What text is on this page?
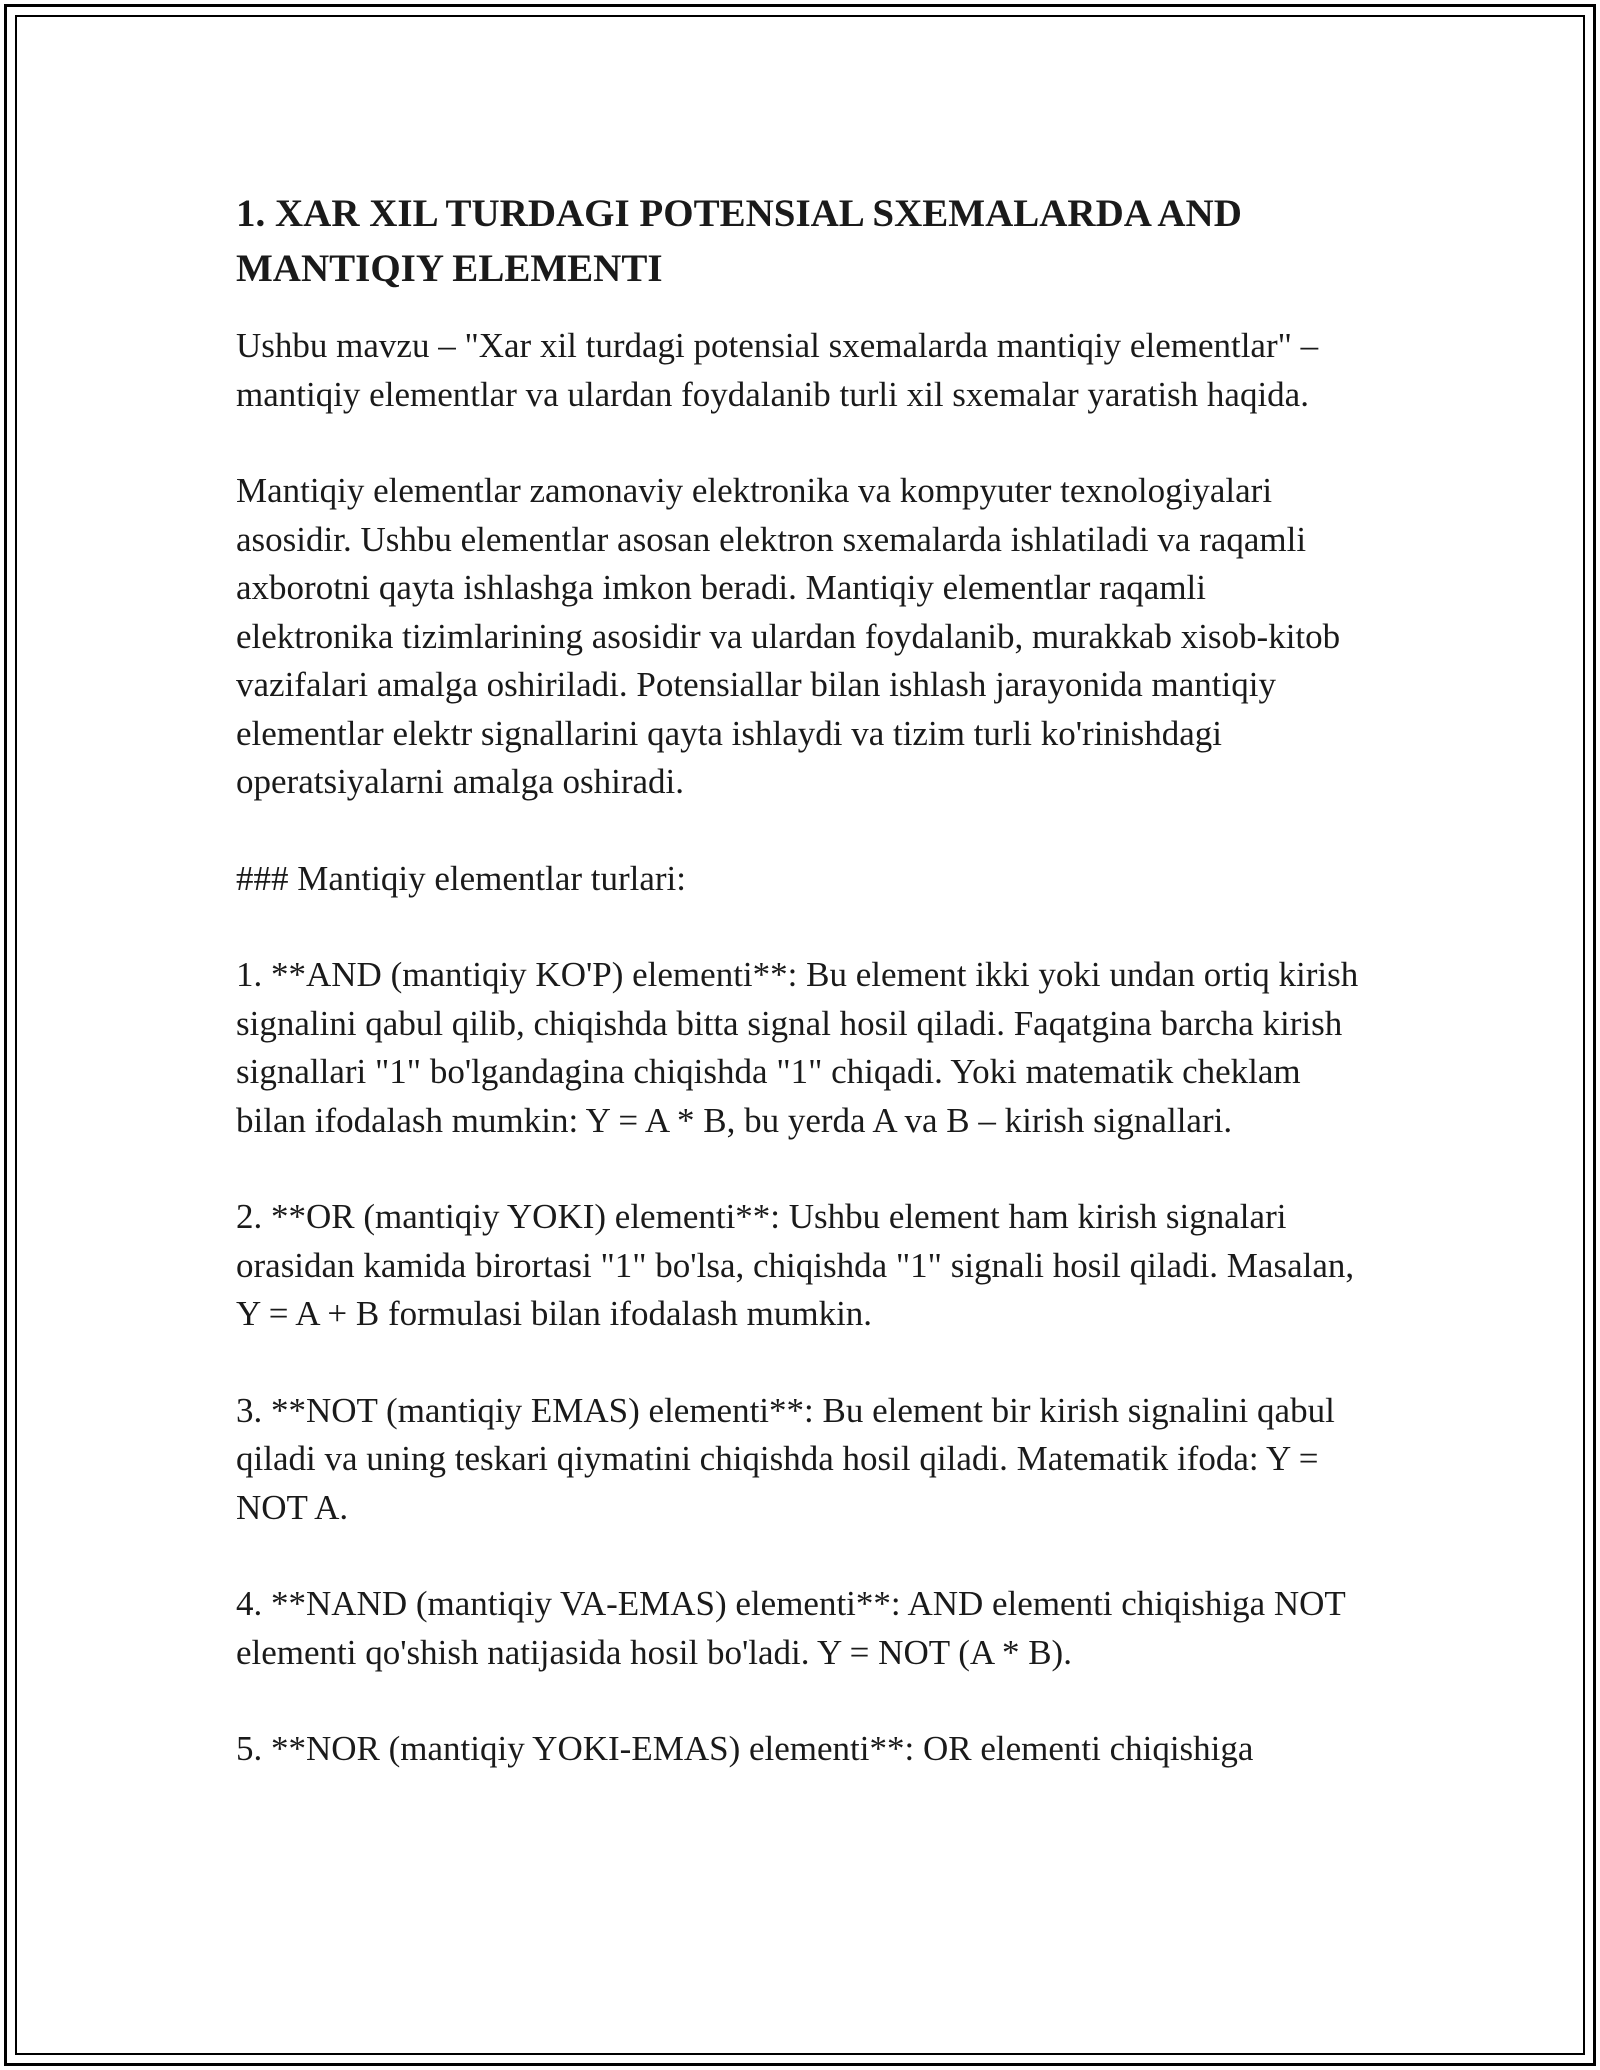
1. XAR XIL TURDAGI POTENSIAL SXEMALARDA AND
MANTIQIY ELEMENTI

Ushbu mavzu – "Xar xil turdagi potensial sxemalarda mantiqiy elementlar" – mantiqiy elementlar va ulardan foydalanib turli xil sxemalar yaratish haqida.

Mantiqiy elementlar zamonaviy elektronika va kompyuter texnologiyalari asosidir. Ushbu elementlar asosan elektron sxemalarda ishlatiladi va raqamli axborotni qayta ishlashga imkon beradi. Mantiqiy elementlar raqamli elektronika tizimlarining asosidir va ulardan foydalanib, murakkab xisob-kitob vazifalari amalga oshiriladi. Potensiallar bilan ishlash jarayonida mantiqiy elementlar elektr signallarini qayta ishlaydi va tizim turli ko'rinishdagi operatsiyalarni amalga oshiradi.

### Mantiqiy elementlar turlari:

1. **AND (mantiqiy KO'P) elementi**: Bu element ikki yoki undan ortiq kirish signalini qabul qilib, chiqishda bitta signal hosil qiladi. Faqatgina barcha kirish signallari "1" bo'lgandagina chiqishda "1" chiqadi. Yoki matematik cheklam bilan ifodalash mumkin: Y = A * B, bu yerda A va B – kirish signallari.

2. **OR (mantiqiy YOKI) elementi**: Ushbu element ham kirish signalari orasidan kamida birortasi "1" bo'lsa, chiqishda "1" signali hosil qiladi. Masalan, Y = A + B formulasi bilan ifodalash mumkin.

3. **NOT (mantiqiy EMAS) elementi**: Bu element bir kirish signalini qabul qiladi va uning teskari qiymatini chiqishda hosil qiladi. Matematik ifoda: Y = NOT A.

4. **NAND (mantiqiy VA-EMAS) elementi**: AND elementi chiqishiga NOT elementi qo'shish natijasida hosil bo'ladi. Y = NOT (A * B).

5. **NOR (mantiqiy YOKI-EMAS) elementi**: OR elementi chiqishiga
